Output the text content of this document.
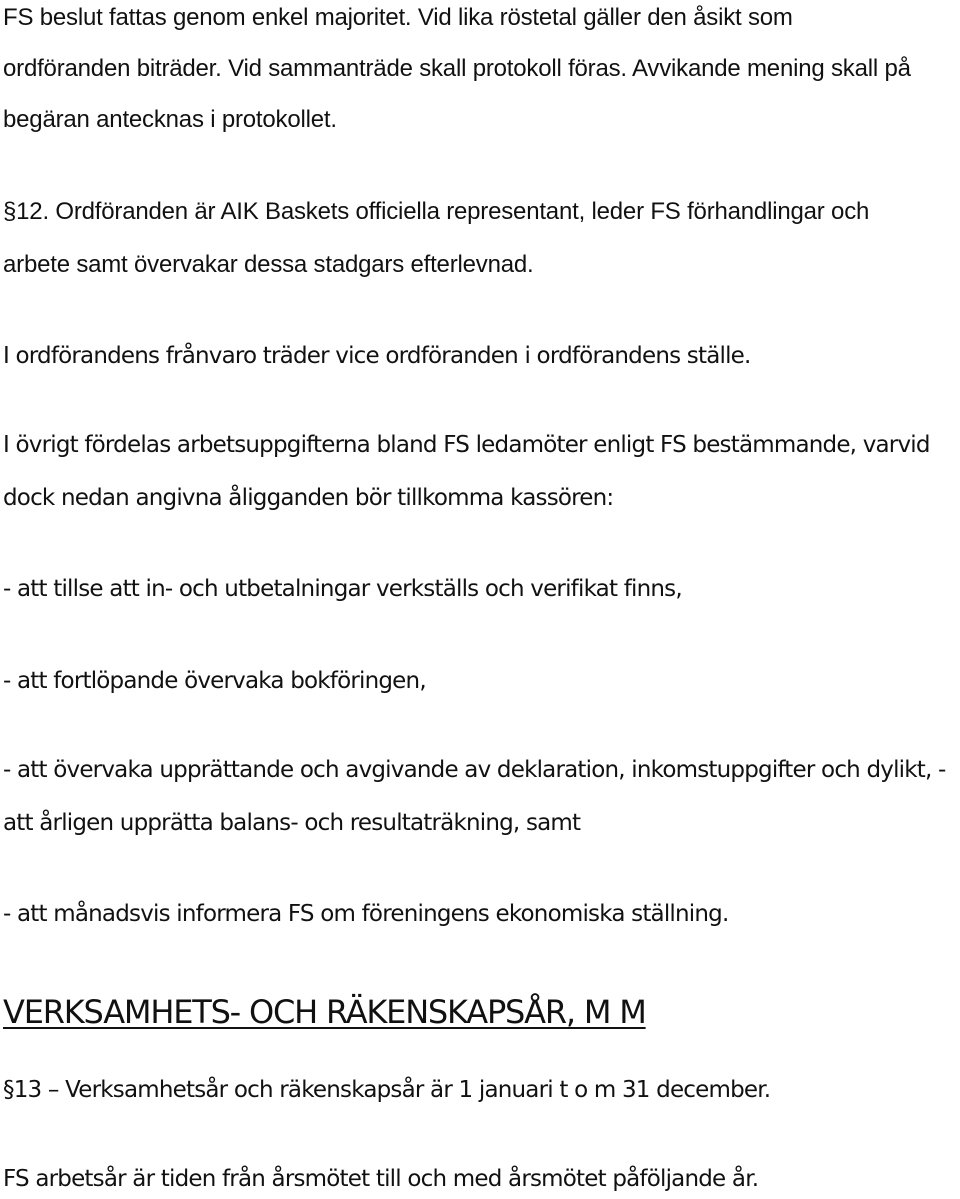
FS beslut fattas genom enkel majoritet. Vid lika röstetal gäller den åsikt som
ordföranden biträder. Vid sammanträde skall protokoll föras. Avvikande mening skall på
begäran antecknas i protokollet.
§12. Ordföranden är AIK Baskets officiella representant, leder FS förhandlingar och
arbete samt övervakar dessa stadgars efterlevnad.
I ordförandens frånvaro träder vice ordföranden i ordförandens ställe.
I övrigt fördelas arbetsuppgifterna bland FS ledamöter enligt FS bestämmande, varvid
dock nedan angivna åligganden bör tillkomma kassören:
- att tillse att in- och utbetalningar verkställs och verifikat finns,
- att fortlöpande övervaka bokföringen,
- att övervaka upprättande och avgivande av deklaration, inkomstuppgifter och dylikt, -
att årligen upprätta balans- och resultaträkning, samt
- att månadsvis informera FS om föreningens ekonomiska ställning.
VERKSAMHETS- OCH RÄKENSKAPSÅR, M M
§13 – Verksamhetsår och räkenskapsår är 1 januari t o m 31 december.
FS arbetsår är tiden från årsmötet till och med årsmötet påföljande år.
